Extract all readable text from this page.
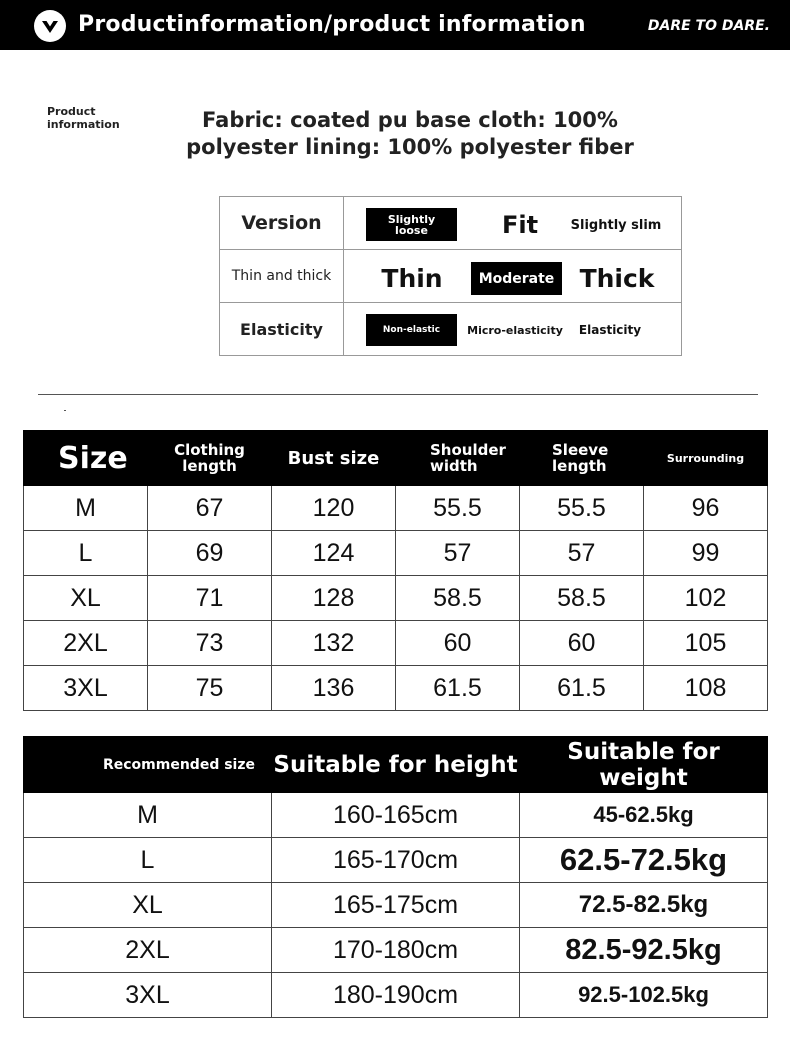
Productinformation/product information	DARE TO DARE.
Product
information	Fabric: coated pu base cloth: 100%
polyester lining: 100% polyester fiber
Version	Slightly loose	Fit	Slightly slim
Thin and thick	Thin	Moderate	Thick
Elasticity	Non-elastic	Micro-elasticity	Elasticity
Size	Clothing length	Bust size	Shoulder width	Sleeve length	Surrounding
M	67	120	55.5	55.5	96
L	69	124	57	57	99
XL	71	128	58.5	58.5	102
2XL	73	132	60	60	105
3XL	75	136	61.5	61.5	108
Recommended size	Suitable for height	Suitable for weight
M	160-165cm	45-62.5kg
L	165-170cm	62.5-72.5kg
XL	165-175cm	72.5-82.5kg
2XL	170-180cm	82.5-92.5kg
3XL	180-190cm	92.5-102.5kg
